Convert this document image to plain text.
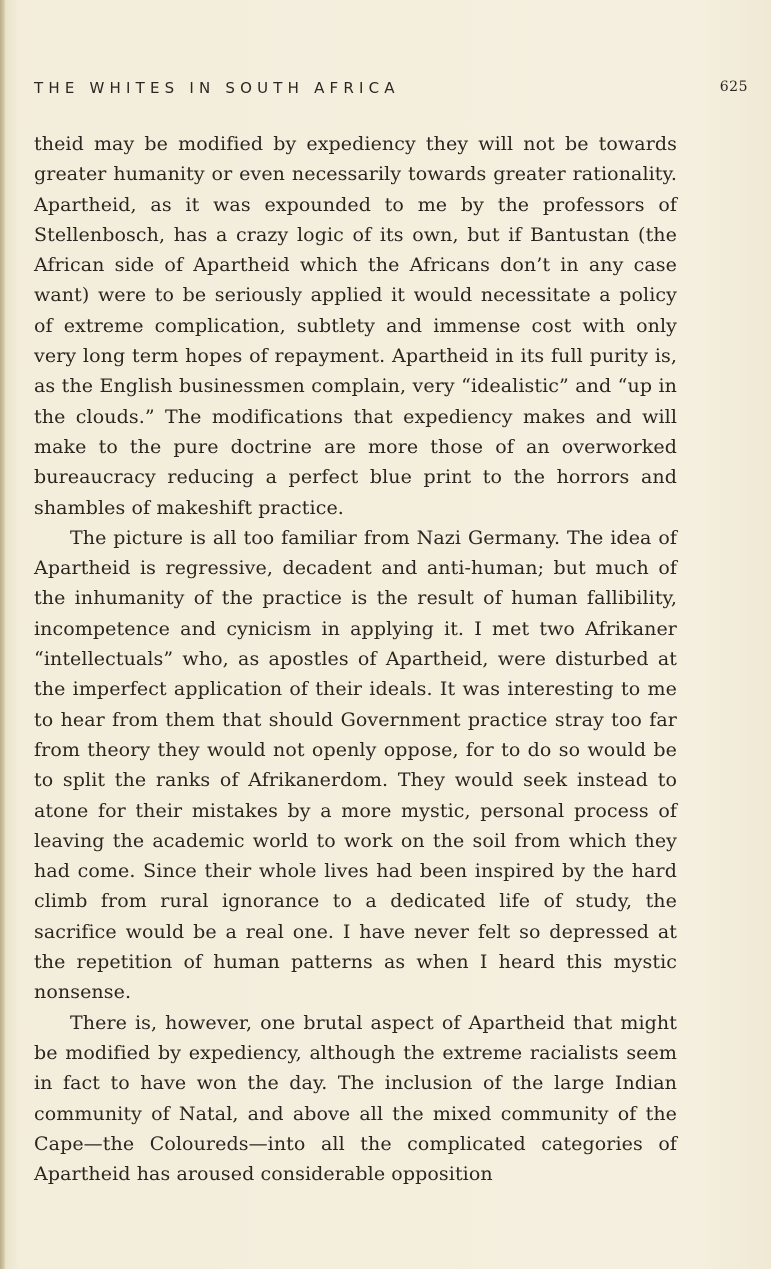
THE WHITES IN SOUTH AFRICA	625

theid may be modified by expediency they will not be towards greater humanity or even necessarily towards greater rationality. Apartheid, as it was expounded to me by the professors of Stellenbosch, has a crazy logic of its own, but if Bantustan (the African side of Apartheid which the Africans don’t in any case want) were to be seriously applied it would necessitate a policy of extreme complication, subtlety and immense cost with only very long term hopes of repayment. Apartheid in its full purity is, as the English businessmen complain, very “idealistic” and “up in the clouds.” The modifications that expediency makes and will make to the pure doctrine are more those of an overworked bureaucracy reducing a perfect blue print to the horrors and shambles of makeshift practice.

The picture is all too familiar from Nazi Germany. The idea of Apartheid is regressive, decadent and anti-human; but much of the inhumanity of the practice is the result of human fallibility, incompetence and cynicism in applying it. I met two Afrikaner “intellectuals” who, as apostles of Apartheid, were disturbed at the imperfect application of their ideals. It was interesting to me to hear from them that should Government practice stray too far from theory they would not openly oppose, for to do so would be to split the ranks of Afrikanerdom. They would seek instead to atone for their mistakes by a more mystic, personal process of leaving the academic world to work on the soil from which they had come. Since their whole lives had been inspired by the hard climb from rural ignorance to a dedicated life of study, the sacrifice would be a real one. I have never felt so depressed at the repetition of human patterns as when I heard this mystic nonsense.

There is, however, one brutal aspect of Apartheid that might be modified by expediency, although the extreme racialists seem in fact to have won the day. The inclusion of the large Indian community of Natal, and above all the mixed community of the Cape—the Coloureds—into all the complicated categories of Apartheid has aroused considerable opposition
